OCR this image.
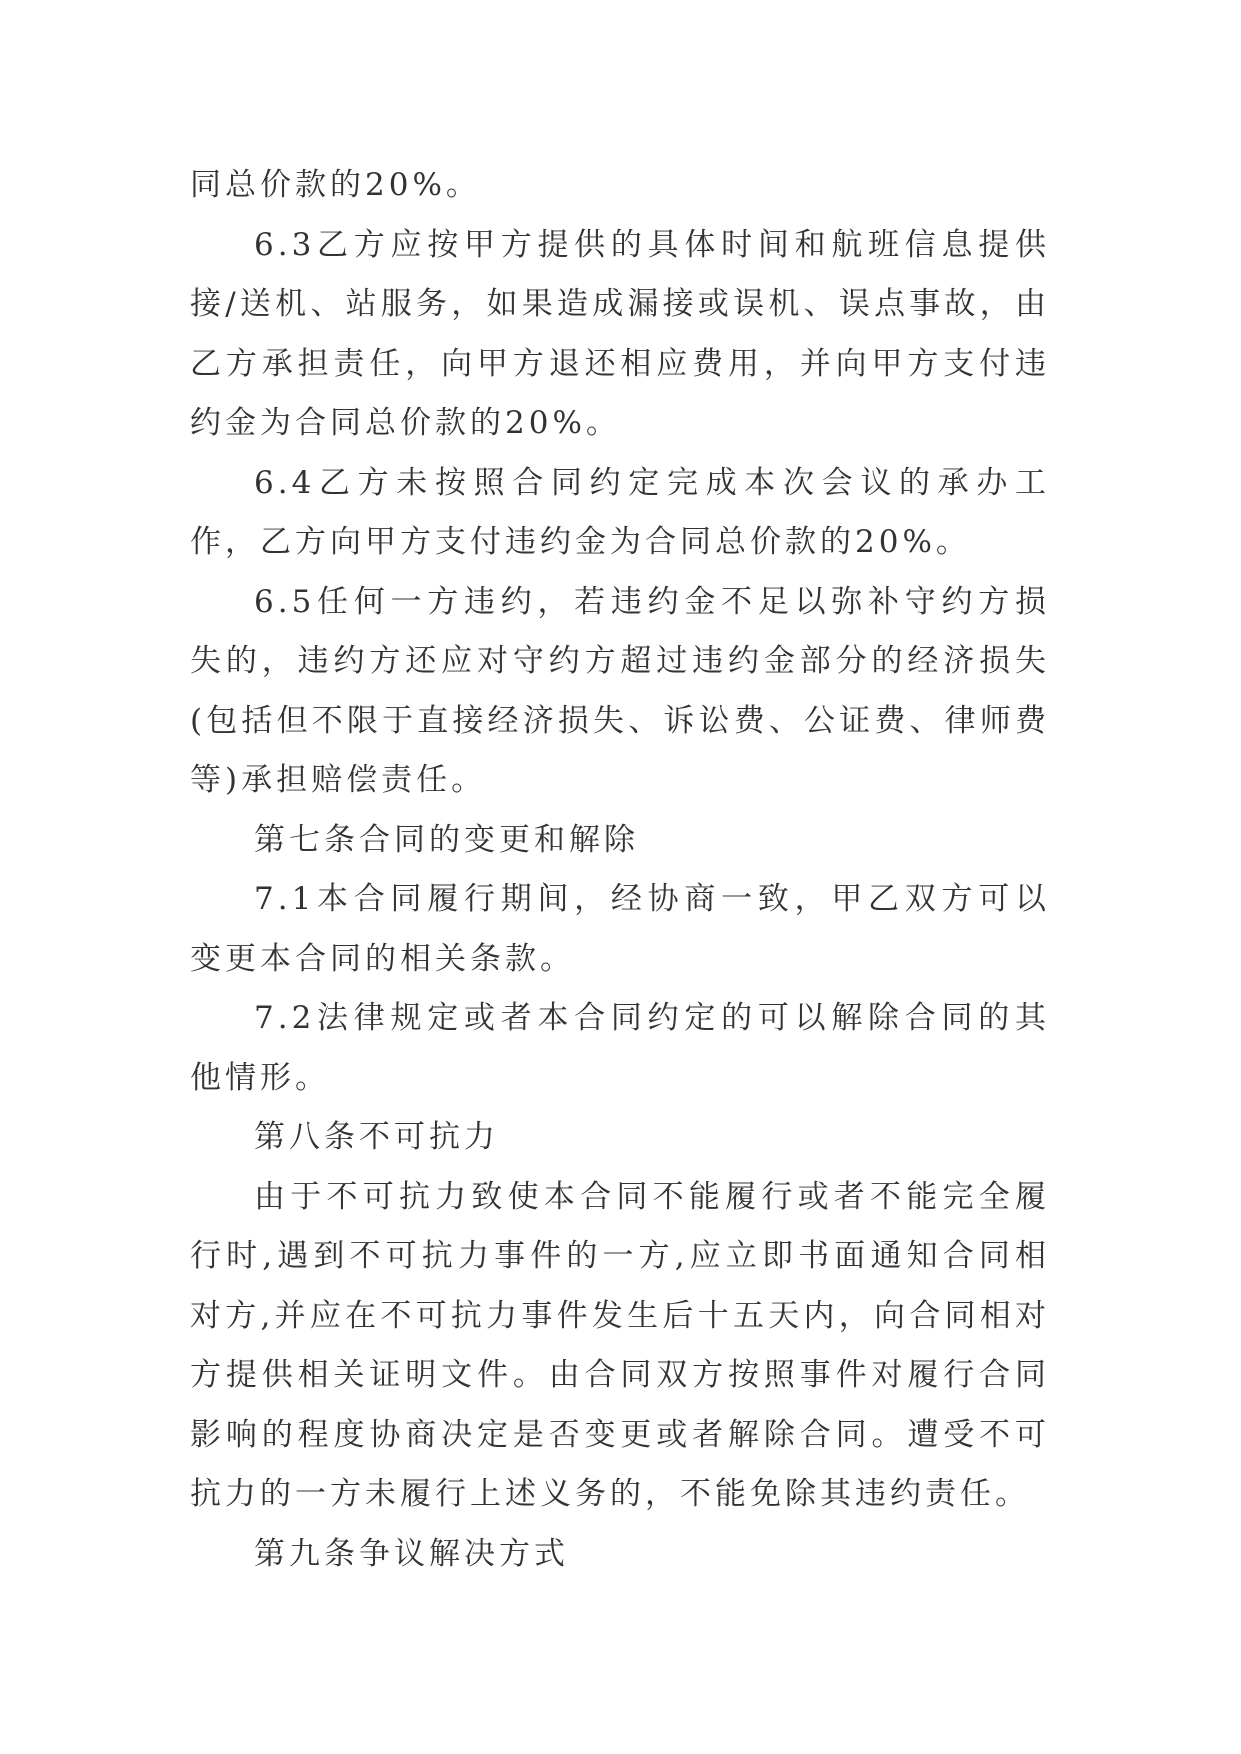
同总价款的20%。

6.3乙方应按甲方提供的具体时间和航班信息提供接/送机、站服务，如果造成漏接或误机、误点事故，由乙方承担责任，向甲方退还相应费用，并向甲方支付违约金为合同总价款的20%。

6.4乙方未按照合同约定完成本次会议的承办工作，乙方向甲方支付违约金为合同总价款的20%。

6.5任何一方违约，若违约金不足以弥补守约方损失的，违约方还应对守约方超过违约金部分的经济损失(包括但不限于直接经济损失、诉讼费、公证费、律师费等)承担赔偿责任。

第七条合同的变更和解除

7.1本合同履行期间，经协商一致，甲乙双方可以变更本合同的相关条款。

7.2法律规定或者本合同约定的可以解除合同的其他情形。

第八条不可抗力

由于不可抗力致使本合同不能履行或者不能完全履行时,遇到不可抗力事件的一方,应立即书面通知合同相对方,并应在不可抗力事件发生后十五天内，向合同相对方提供相关证明文件。由合同双方按照事件对履行合同影响的程度协商决定是否变更或者解除合同。遭受不可抗力的一方未履行上述义务的，不能免除其违约责任。

第九条争议解决方式
